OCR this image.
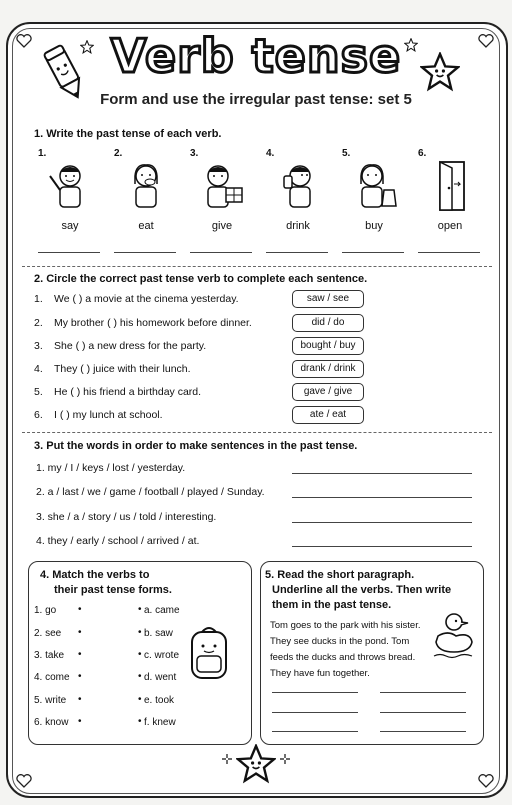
Verb tense
Form and use the irregular past tense: set 5
1. Write the past tense of each verb.
1.
say
2.
eat
3.
give
4.
drink
5.
buy
6.
open
2. Circle the correct past tense verb to complete each sentence.
1. We ( ) a movie at the cinema yesterday.	saw / see
2. My brother ( ) his homework before dinner.	did / do
3. She ( ) a new dress for the party.	bought / buy
4. They ( ) juice with their lunch.	drank / drink
5. He ( ) his friend a birthday card.	gave / give
6. I ( ) my lunch at school.	ate / eat
3. Put the words in order to make sentences in the past tense.
1. my / I / keys / lost / yesterday.
2. a / last / we / game / football / played / Sunday.
3. she / a / story / us / told / interesting.
4. they / early / school / arrived / at.
4. Match the verbs to
their past tense forms.
1. go •	• a. came
2. see •	• b. saw
3. take •	• c. wrote
4. come •	• d. went
5. write •	• e. took
6. know •	• f. knew
5. Read the short paragraph.
Underline all the verbs. Then write
them in the past tense.
Tom goes to the park with his sister.
They see ducks in the pond. Tom
feeds the ducks and throws bread.
They have fun together.
